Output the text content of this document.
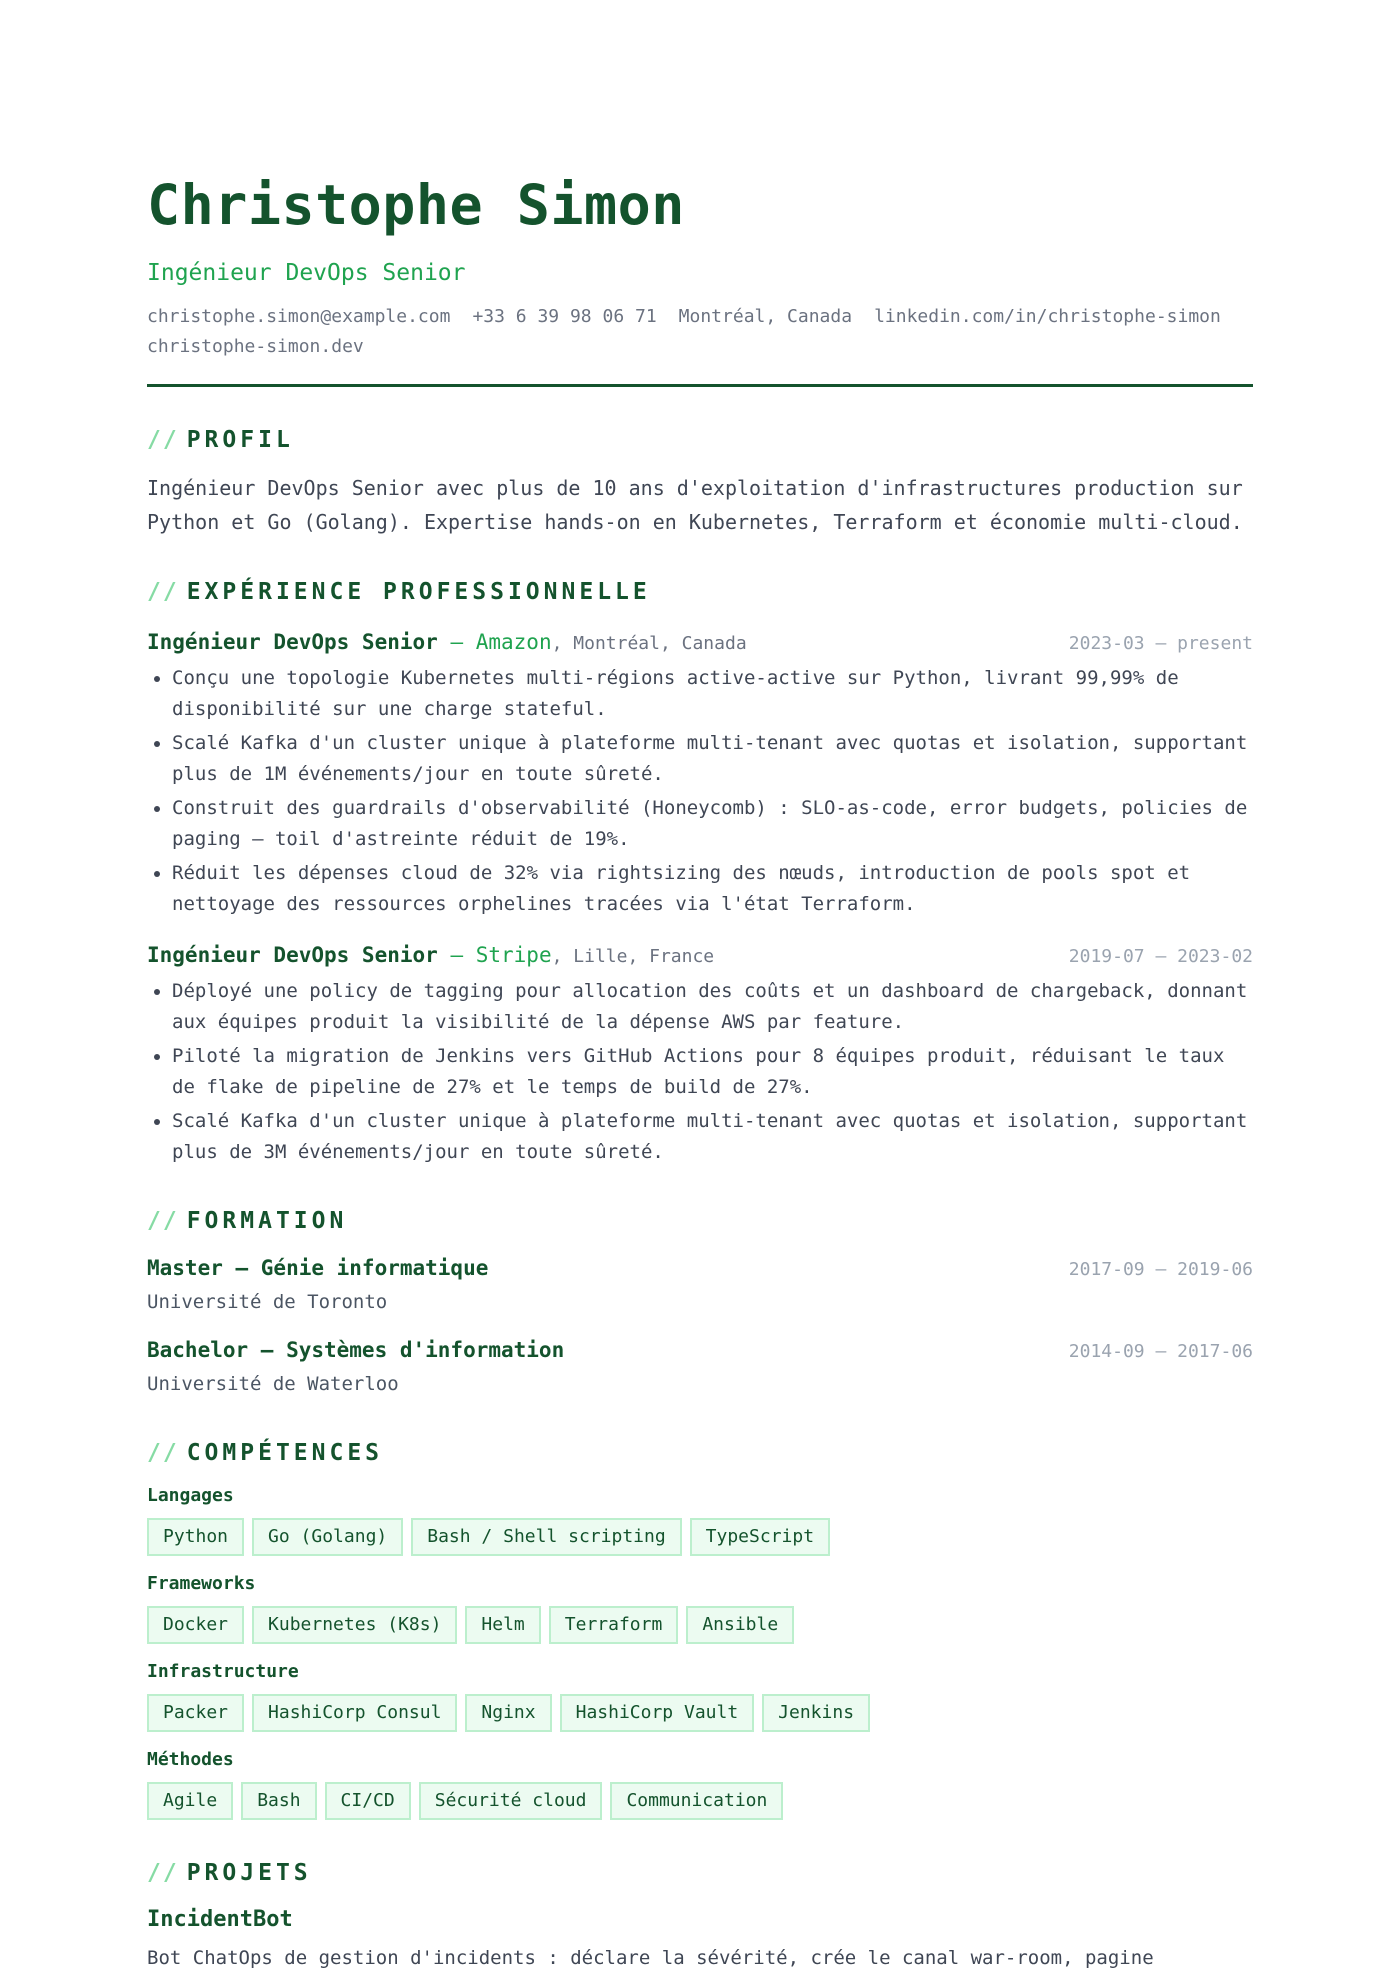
Christophe Simon
Ingénieur DevOps Senior
christophe.simon@example.com +33 6 39 98 06 71 Montréal, Canada linkedin.com/in/christophe-simonchristophe-simon.dev
// PROFIL
Ingénieur DevOps Senior avec plus de 10 ans d'exploitation d'infrastructures production sur Python et Go (Golang). Expertise hands-on en Kubernetes, Terraform et économie multi-cloud.
// EXPÉRIENCE PROFESSIONNELLE
Ingénieur DevOps Senior — Amazon, Montréal, Canada	2023-03 – present
• Conçu une topologie Kubernetes multi-régions active-active sur Python, livrant 99,99% de disponibilité sur une charge stateful.
• Scalé Kafka d'un cluster unique à plateforme multi-tenant avec quotas et isolation, supportant plus de 1M événements/jour en toute sûreté.
• Construit des guardrails d'observabilité (Honeycomb) : SLO-as-code, error budgets, policies de paging — toil d'astreinte réduit de 19%.
• Réduit les dépenses cloud de 32% via rightsizing des nœuds, introduction de pools spot et nettoyage des ressources orphelines tracées via l'état Terraform.
Ingénieur DevOps Senior — Stripe, Lille, France	2019-07 – 2023-02
• Déployé une policy de tagging pour allocation des coûts et un dashboard de chargeback, donnant aux équipes produit la visibilité de la dépense AWS par feature.
• Piloté la migration de Jenkins vers GitHub Actions pour 8 équipes produit, réduisant le taux de flake de pipeline de 27% et le temps de build de 27%.
• Scalé Kafka d'un cluster unique à plateforme multi-tenant avec quotas et isolation, supportant plus de 3M événements/jour en toute sûreté.
// FORMATION
Master — Génie informatique	2017-09 – 2019-06
Université de Toronto
Bachelor — Systèmes d'information	2014-09 – 2017-06
Université de Waterloo
// COMPÉTENCES
Langages
Python	Go (Golang)	Bash / Shell scripting	TypeScript
Frameworks
Docker	Kubernetes (K8s)	Helm	Terraform	Ansible
Infrastructure
Packer	HashiCorp Consul	Nginx	HashiCorp Vault	Jenkins
Méthodes
Agile	Bash	CI/CD	Sécurité cloud	Communication
// PROJETS
IncidentBot
Bot ChatOps de gestion d'incidents : déclare la sévérité, crée le canal war-room, pagine
